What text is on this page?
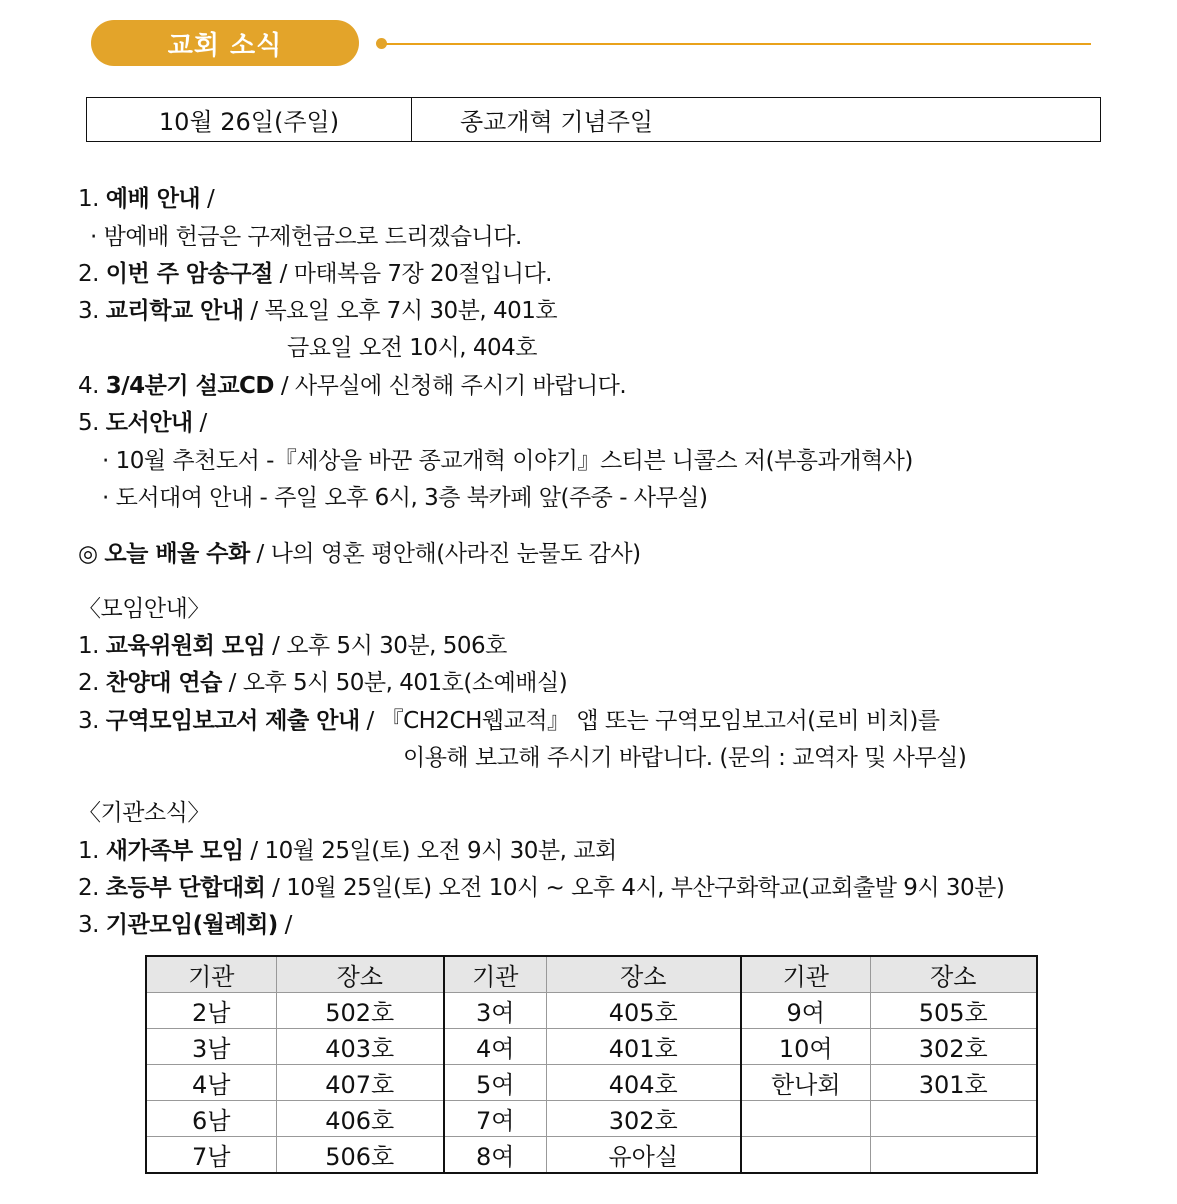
교회 소식
10월 26일(주일)	종교개혁 기념주일
1. 예배 안내 /
· 밤예배 헌금은 구제헌금으로 드리겠습니다.
2. 이번 주 암송구절 / 마태복음 7장 20절입니다.
3. 교리학교 안내 / 목요일 오후 7시 30분, 401호
금요일 오전 10시, 404호
4. 3/4분기 설교CD / 사무실에 신청해 주시기 바랍니다.
5. 도서안내 /
· 10월 추천도서 -『세상을 바꾼 종교개혁 이야기』스티븐 니콜스 저(부흥과개혁사)
· 도서대여 안내 - 주일 오후 6시, 3층 북카페 앞(주중 - 사무실)
◎ 오늘 배울 수화 / 나의 영혼 평안해(사라진 눈물도 감사)
〈모임안내〉
1. 교육위원회 모임 / 오후 5시 30분, 506호
2. 찬양대 연습 / 오후 5시 50분, 401호(소예배실)
3. 구역모임보고서 제출 안내 / 『CH2CH웹교적』 앱 또는 구역모임보고서(로비 비치)를
이용해 보고해 주시기 바랍니다. (문의 : 교역자 및 사무실)
〈기관소식〉
1. 새가족부 모임 / 10월 25일(토) 오전 9시 30분, 교회
2. 초등부 단합대회 / 10월 25일(토) 오전 10시 ~ 오후 4시, 부산구화학교(교회출발 9시 30분)
3. 기관모임(월례회) /
기관	장소	기관	장소	기관	장소
2남	502호	3여	405호	9여	505호
3남	403호	4여	401호	10여	302호
4남	407호	5여	404호	한나회	301호
6남	406호	7여	302호		
7남	506호	8여	유아실		
